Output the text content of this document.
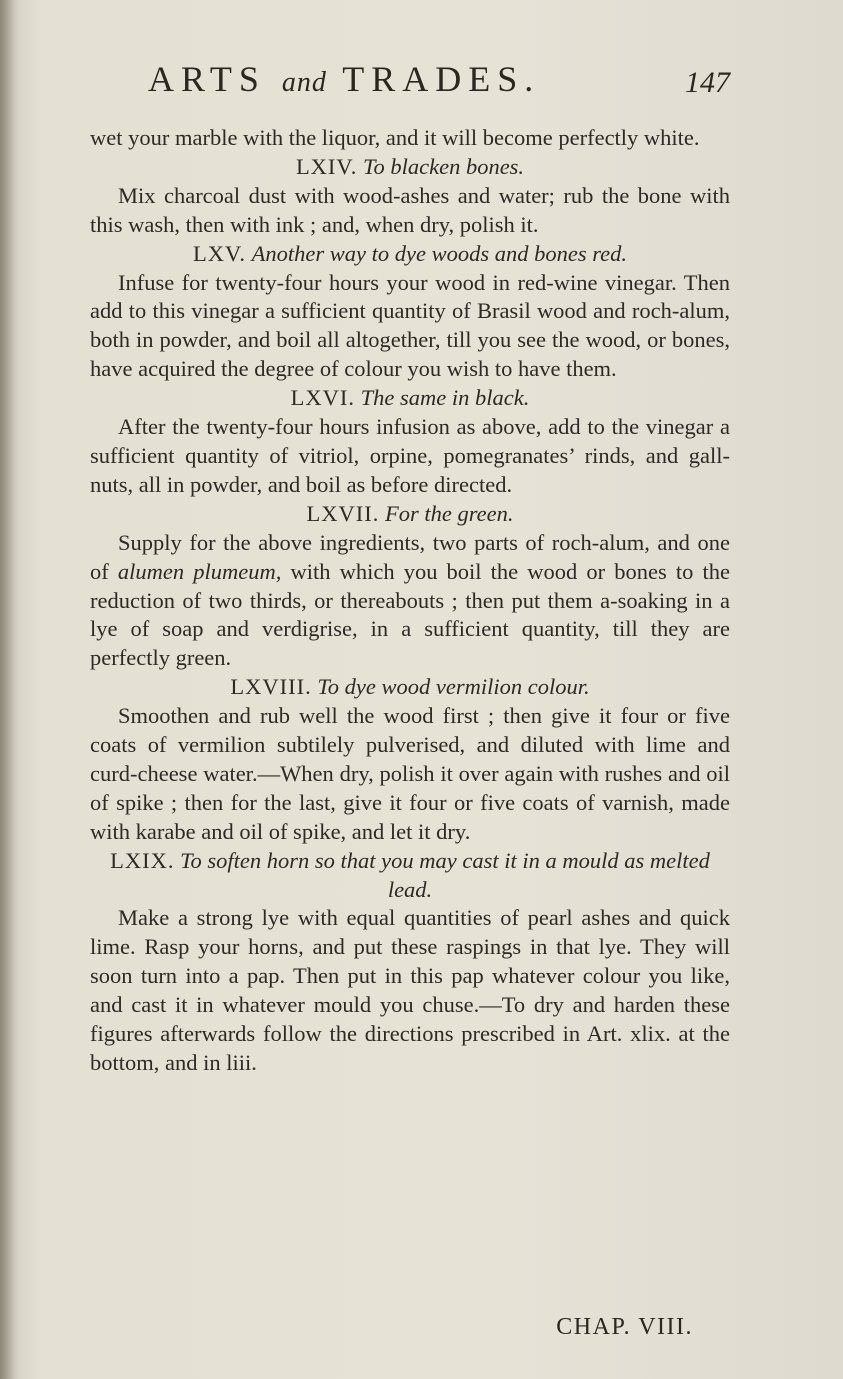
ARTS and TRADES.	147

wet your marble with the liquor, and it will become perfectly white.

LXIV. To blacken bones.

Mix charcoal dust with wood-ashes and water; rub the bone with this wash, then with ink ; and, when dry, polish it.

LXV. Another way to dye woods and bones red.

Infuse for twenty-four hours your wood in red-wine vinegar. Then add to this vinegar a sufficient quantity of Brasil wood and roch-alum, both in powder, and boil all altogether, till you see the wood, or bones, have acquired the degree of colour you wish to have them.

LXVI. The same in black.

After the twenty-four hours infusion as above, add to the vinegar a sufficient quantity of vitriol, orpine, pomegranates’ rinds, and gall-nuts, all in powder, and boil as before directed.

LXVII. For the green.

Supply for the above ingredients, two parts of roch-alum, and one of alumen plumeum, with which you boil the wood or bones to the reduction of two thirds, or thereabouts ; then put them a-soaking in a lye of soap and verdigrise, in a sufficient quantity, till they are perfectly green.

LXVIII. To dye wood vermilion colour.

Smoothen and rub well the wood first ; then give it four or five coats of vermilion subtilely pulverised, and diluted with lime and curd-cheese water.—When dry, polish it over again with rushes and oil of spike ; then for the last, give it four or five coats of varnish, made with karabe and oil of spike, and let it dry.

LXIX. To soften horn so that you may cast it in a mould as melted lead.

Make a strong lye with equal quantities of pearl ashes and quick lime. Rasp your horns, and put these raspings in that lye. They will soon turn into a pap. Then put in this pap whatever colour you like, and cast it in whatever mould you chuse.—To dry and harden these figures afterwards follow the directions prescribed in Art. xlix. at the bottom, and in liii.

CHAP. VIII.
